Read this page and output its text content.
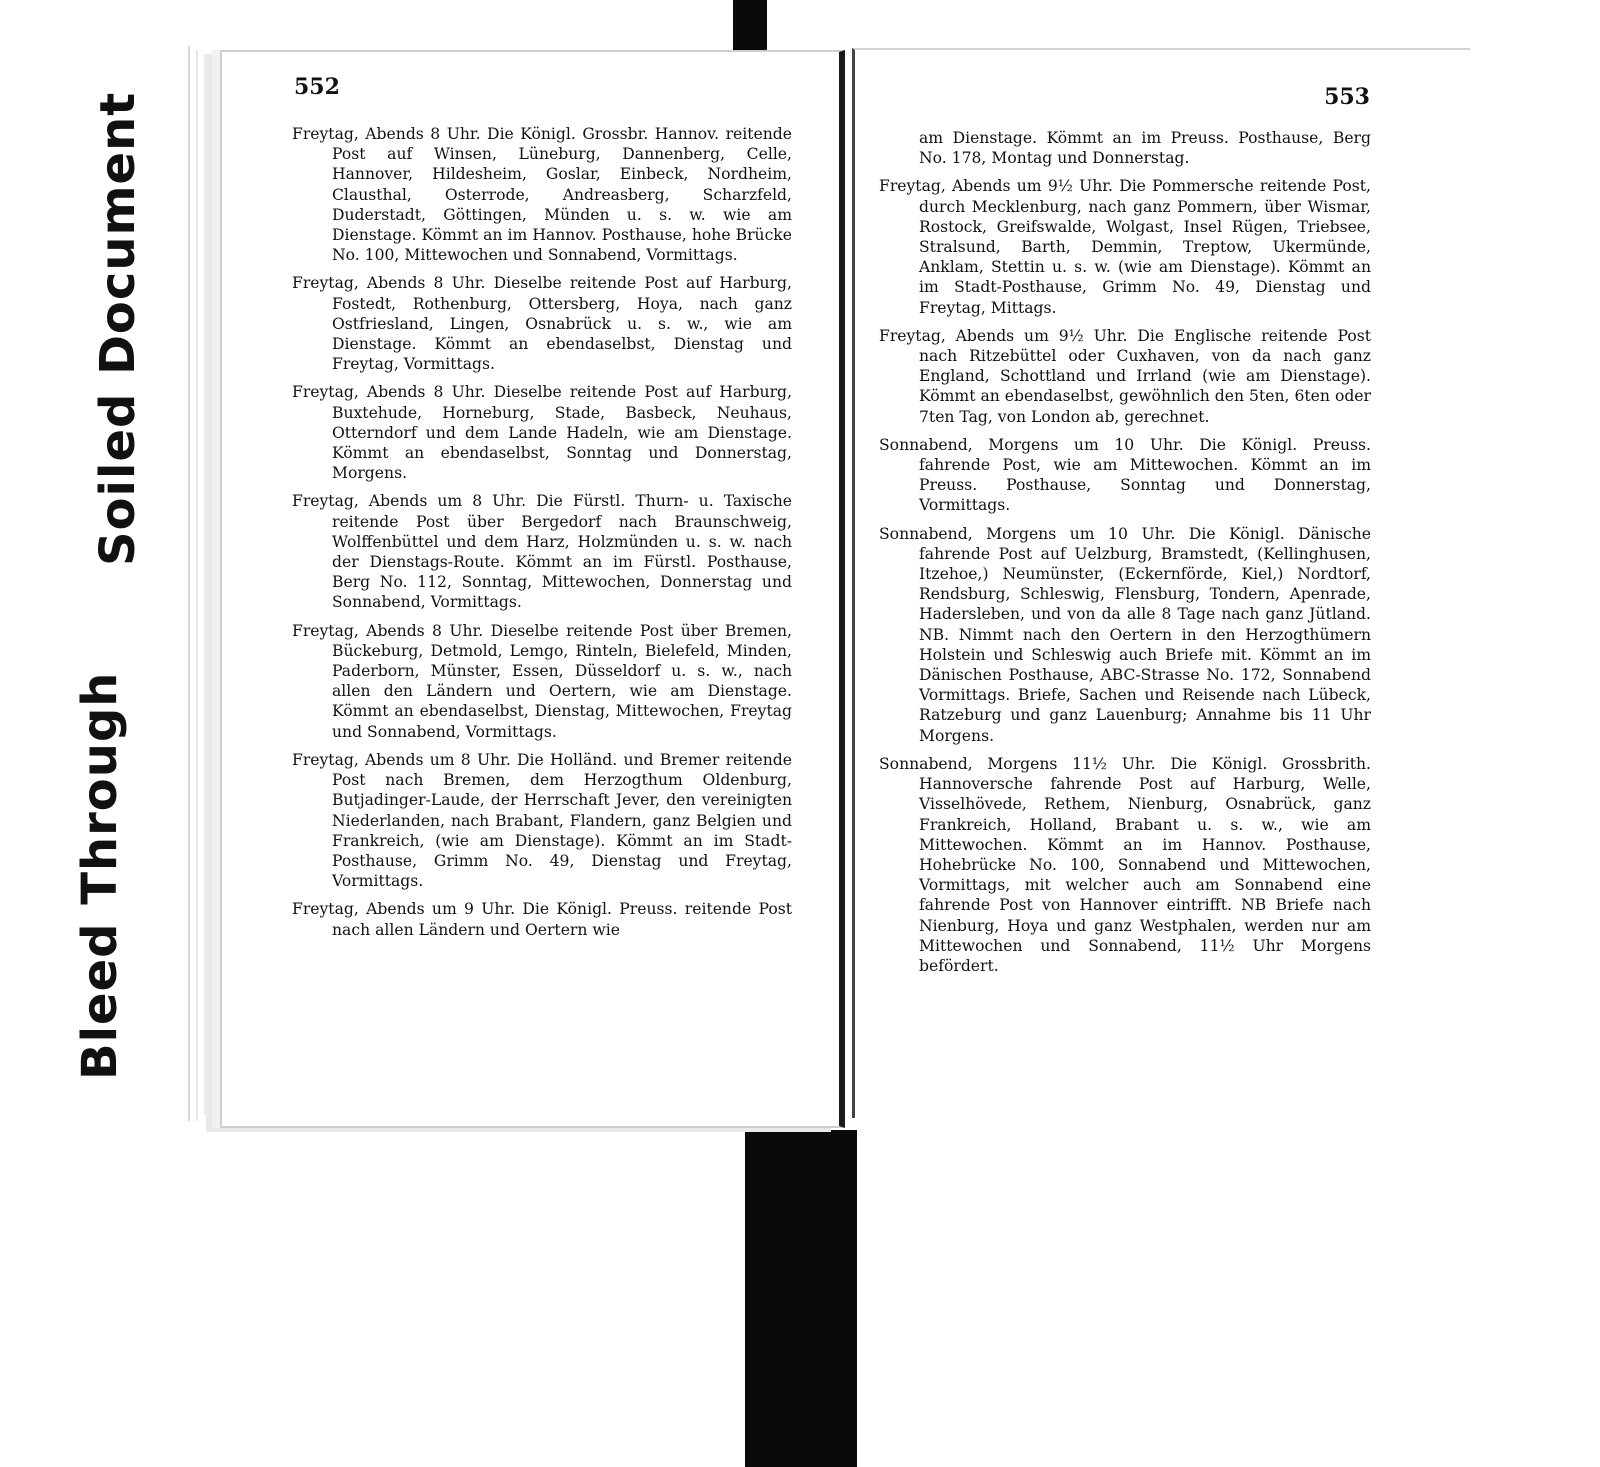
Bleed Through
Soiled Document
552

Freytag, Abends 8 Uhr. Die Königl. Grossbr. Hannov. reitende Post auf Winsen, Lüneburg, Dannenberg, Celle, Hannover, Hildesheim, Goslar, Einbeck, Nordheim, Clausthal, Osterrode, Andreasberg, Scharzfeld, Duderstadt, Göttingen, Münden u. s. w. wie am Dienstage. Kömmt an im Hannov. Posthause, hohe Brücke No. 100, Mittewochen und Sonnabend, Vormittags.

Freytag, Abends 8 Uhr. Dieselbe reitende Post auf Harburg, Fostedt, Rothenburg, Ottersberg, Hoya, nach ganz Ostfriesland, Lingen, Osnabrück u. s. w., wie am Dienstage. Kömmt an ebendaselbst, Dienstag und Freytag, Vormittags.

Freytag, Abends 8 Uhr. Dieselbe reitende Post auf Harburg, Buxtehude, Horneburg, Stade, Basbeck, Neuhaus, Otterndorf und dem Lande Hadeln, wie am Dienstage. Kömmt an ebendaselbst, Sonntag und Donnerstag, Morgens.

Freytag, Abends um 8 Uhr. Die Fürstl. Thurn- u. Taxische reitende Post über Bergedorf nach Braunschweig, Wolffenbüttel und dem Harz, Holzmünden u. s. w. nach der Dienstags-Route. Kömmt an im Fürstl. Posthause, Berg No. 112, Sonntag, Mittewochen, Donnerstag und Sonnabend, Vormittags.

Freytag, Abends 8 Uhr. Dieselbe reitende Post über Bremen, Bückeburg, Detmold, Lemgo, Rinteln, Bielefeld, Minden, Paderborn, Münster, Essen, Düsseldorf u. s. w., nach allen den Ländern und Oertern, wie am Dienstage. Kömmt an ebendaselbst, Dienstag, Mittewochen, Freytag und Sonnabend, Vormittags.

Freytag, Abends um 8 Uhr. Die Holländ. und Bremer reitende Post nach Bremen, dem Herzogthum Oldenburg, Butjadinger-Laude, der Herrschaft Jever, den vereinigten Niederlanden, nach Brabant, Flandern, ganz Belgien und Frankreich, (wie am Dienstage). Kömmt an im Stadt-Posthause, Grimm No. 49, Dienstag und Freytag, Vormittags.

Freytag, Abends um 9 Uhr. Die Königl. Preuss. reitende Post nach allen Ländern und Oertern wie

553

am Dienstage. Kömmt an im Preuss. Posthause, Berg No. 178, Montag und Donnerstag.

Freytag, Abends um 9½ Uhr. Die Pommersche reitende Post, durch Mecklenburg, nach ganz Pommern, über Wismar, Rostock, Greifswalde, Wolgast, Insel Rügen, Triebsee, Stralsund, Barth, Demmin, Treptow, Ukermünde, Anklam, Stettin u. s. w. (wie am Dienstage). Kömmt an im Stadt-Posthause, Grimm No. 49, Dienstag und Freytag, Mittags.

Freytag, Abends um 9½ Uhr. Die Englische reitende Post nach Ritzebüttel oder Cuxhaven, von da nach ganz England, Schottland und Irrland (wie am Dienstage). Kömmt an ebendaselbst, gewöhnlich den 5ten, 6ten oder 7ten Tag, von London ab, gerechnet.

Sonnabend, Morgens um 10 Uhr. Die Königl. Preuss. fahrende Post, wie am Mittewochen. Kömmt an im Preuss. Posthause, Sonntag und Donnerstag, Vormittags.

Sonnabend, Morgens um 10 Uhr. Die Königl. Dänische fahrende Post auf Uelzburg, Bramstedt, (Kellinghusen, Itzehoe,) Neumünster, (Eckernförde, Kiel,) Nordtorf, Rendsburg, Schleswig, Flensburg, Tondern, Apenrade, Hadersleben, und von da alle 8 Tage nach ganz Jütland. NB. Nimmt nach den Oertern in den Herzogthümern Holstein und Schleswig auch Briefe mit. Kömmt an im Dänischen Posthause, ABC-Strasse No. 172, Sonnabend Vormittags. Briefe, Sachen und Reisende nach Lübeck, Ratzeburg und ganz Lauenburg; Annahme bis 11 Uhr Morgens.

Sonnabend, Morgens 11½ Uhr. Die Königl. Grossbrith. Hannoversche fahrende Post auf Harburg, Welle, Visselhövede, Rethem, Nienburg, Osnabrück, ganz Frankreich, Holland, Brabant u. s. w., wie am Mittewochen. Kömmt an im Hannov. Posthause, Hohebrücke No. 100, Sonnabend und Mittewochen, Vormittags, mit welcher auch am Sonnabend eine fahrende Post von Hannover eintrifft. NB Briefe nach Nienburg, Hoya und ganz Westphalen, werden nur am Mittewochen und Sonnabend, 11½ Uhr Morgens befördert.
